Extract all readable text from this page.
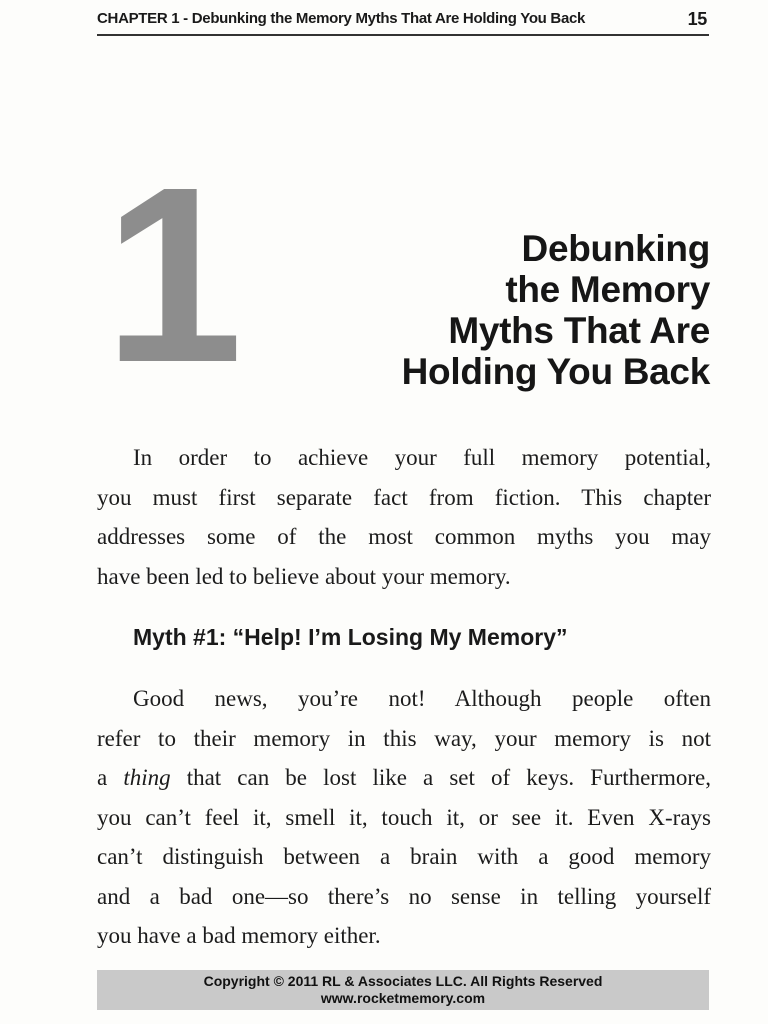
CHAPTER 1 - Debunking the Memory Myths That Are Holding You Back	15
1	Debunking
the Memory
Myths That Are
Holding You Back

In order to achieve your full memory potential,
you must first separate fact from fiction. This chapter
addresses some of the most common myths you may
have been led to believe about your memory.

Myth #1: “Help! I’m Losing My Memory”

Good news, you’re not! Although people often
refer to their memory in this way, your memory is not
a thing that can be lost like a set of keys. Furthermore,
you can’t feel it, smell it, touch it, or see it. Even X-rays
can’t distinguish between a brain with a good memory
and a bad one—so there’s no sense in telling yourself
you have a bad memory either.

Copyright © 2011 RL & Associates LLC. All Rights Reserved
www.rocketmemory.com
